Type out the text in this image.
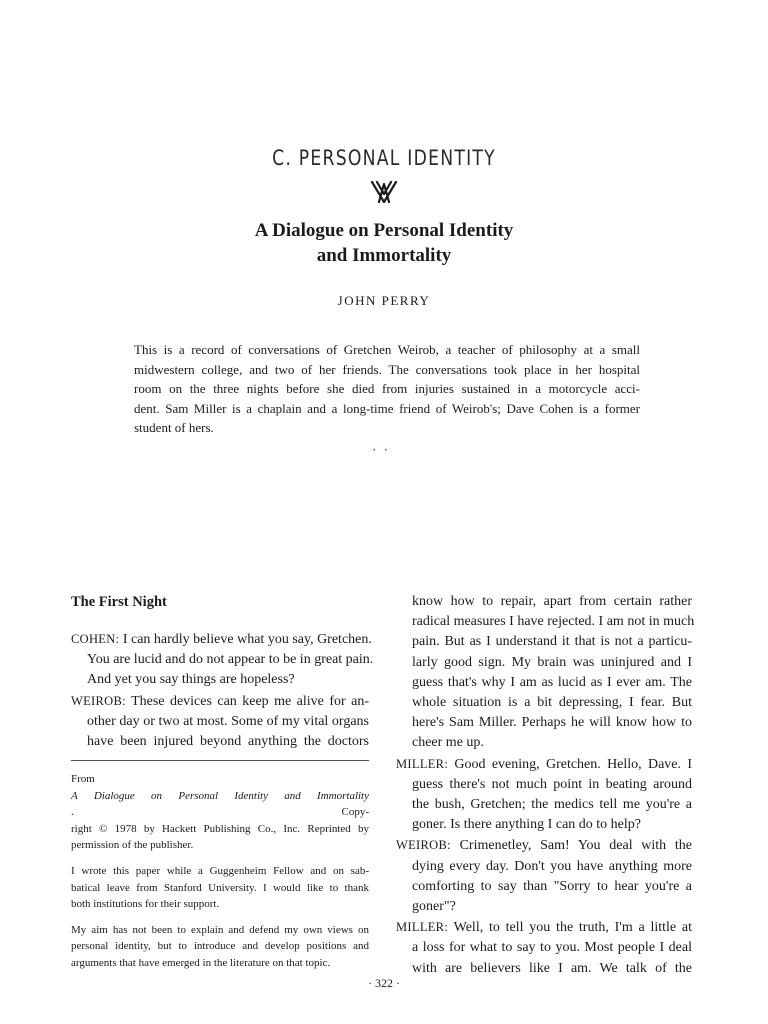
C. PERSONAL IDENTITY
A Dialogue on Personal Identity
and Immortality
JOHN PERRY
This is a record of conversations of Gretchen Weirob, a teacher of philosophy at a small
midwestern college, and two of her friends. The conversations took place in her hospital
room on the three nights before she died from injuries sustained in a motorcycle acci-
dent. Sam Miller is a chaplain and a long-time friend of Weirob's; Dave Cohen is a former
student of hers.
· ·
The First Night
COHEN: I can hardly believe what you say, Gretchen.
You are lucid and do not appear to be in great pain.
And yet you say things are hopeless?
WEIROB: These devices can keep me alive for an-
other day or two at most. Some of my vital organs
have been injured beyond anything the doctors
From
A Dialogue on Personal Identity and Immortality
. Copy-
right © 1978 by Hackett Publishing Co., Inc. Reprinted by
permission of the publisher.
I wrote this paper while a Guggenheim Fellow and on sab-
batical leave from Stanford University. I would like to thank
both institutions for their support.
My aim has not been to explain and defend my own views on
personal identity, but to introduce and develop positions and
arguments that have emerged in the literature on that topic.
know how to repair, apart from certain rather
radical measures I have rejected. I am not in much
pain. But as I understand it that is not a particu-
larly good sign. My brain was uninjured and I
guess that's why I am as lucid as I ever am. The
whole situation is a bit depressing, I fear. But
here's Sam Miller. Perhaps he will know how to
cheer me up.
MILLER: Good evening, Gretchen. Hello, Dave. I
guess there's not much point in beating around
the bush, Gretchen; the medics tell me you're a
goner. Is there anything I can do to help?
WEIROB: Crimenetley, Sam! You deal with the
dying every day. Don't you have anything more
comforting to say than "Sorry to hear you're a
goner"?
MILLER: Well, to tell you the truth, I'm a little at
a loss for what to say to you. Most people I deal
with are believers like I am. We talk of the
· 322 ·
